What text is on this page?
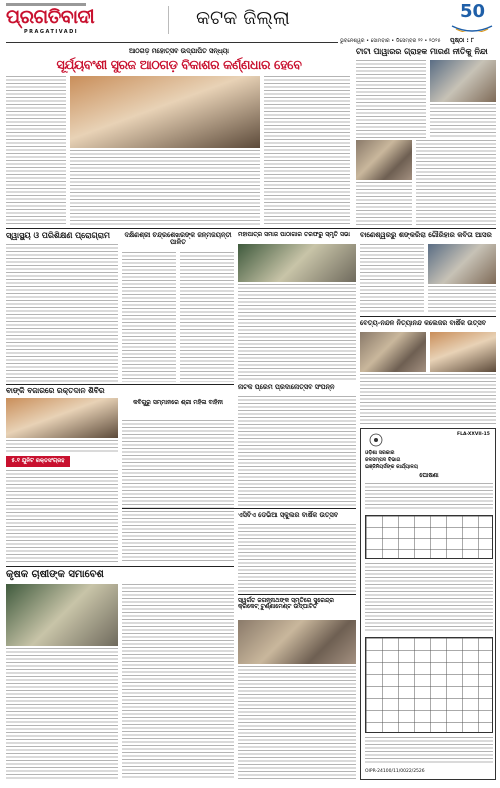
ପ୍ରଗତିବାଦୀ
PRAGATIVADI
କଟକ ଜିଲ୍ଲା	50
ଭୁବନେଶ୍ୱର • ସୋମବାର • ଡିସେମ୍ବର ୨୨ • ୨୦୨୫	ପୃଷ୍ଠା : ୮
ଆଠଗଡ଼ ମହୋତ୍ସବ ଉଦ୍‌ଯାପିତ ସନ୍ଧ୍ୟା
ସୂର୍ଯ୍ୟବଂଶୀ ସୁରଜ ଆଠଗଡ଼ ବିକାଶର କର୍ଣ୍ଣଧାର ହେବେ
ଟାଟା ପାୱାରର ଗ୍ରାହକ ମାରଣ ନୀତିକୁ ନିନ୍ଦା
ସ୍ୱାସ୍ଥ୍ୟ ଓ ପରିଶିକ୍ଷଣ ପ୍ରୋଗ୍ରାମ	ଦକ୍ଷିଣଶ୍ରୀ ଚନ୍ଦ୍ରଶେଖରଙ୍କ ଜନ୍ମଜୟନ୍ତୀ ପାଳିତ
ମହାପାତ୍ର ସମାଜ ପାଠାଗାର ତରଫରୁ ସ୍ମୃତି ସଭା	ବାଣେଶ୍ୱରରୁ ଶଙ୍କରିରା ଗୌରିହାର କବିତା ଆସର
ବେତ୍ୟ-ନନ୍ଦନ ନିତ୍ୟାନନ୍ଦ କଲେଜର ବାର୍ଷିକ ଉତ୍ସବ
ବାଙ୍କି ବଜାରରେ ରକ୍ତଦାନ ଶିବିର
୫.୧ ଯୁନିଟ ରକ୍ତସଂଗ୍ରହ
କବିଗୁରୁ ସମ୍ମାନରେ ଶ୍ରୀ ମହିଳା ବାହିନୀ
ନାଟକ ପ୍ରେମ ପ୍ରଦାନୋତ୍ସବ ସଂପନ୍ନ
FLA-XXVII-15
ଓଡ଼ିଶା ସରକାର
ଜଳସମ୍ପଦ ବିଭାଗ
ଇଞ୍ଜିନିୟର୍ସଙ୍କ କାର୍ଯ୍ୟାଳୟ
ଘୋଷଣା
OIPR-24100/11/0022/2526
ଏସିବିଏ ଡେଭିଆ ସ୍କୁଲର ବାର୍ଷିକ ଉତ୍ସବ
କୃଷକ ଚାଷୀଙ୍କ ସମାବେଶ
ସ୍ୱର୍ଗତ ଜଗନ୍ନାଥଙ୍କ ସ୍ମୃତିରେ ସୁରେନ୍ଦ୍ର କ୍ରିକେଟ୍ ଟୁର୍ଣ୍ଣାମେଣ୍ଟ ଉଦ୍‌ଘାଟିତ
